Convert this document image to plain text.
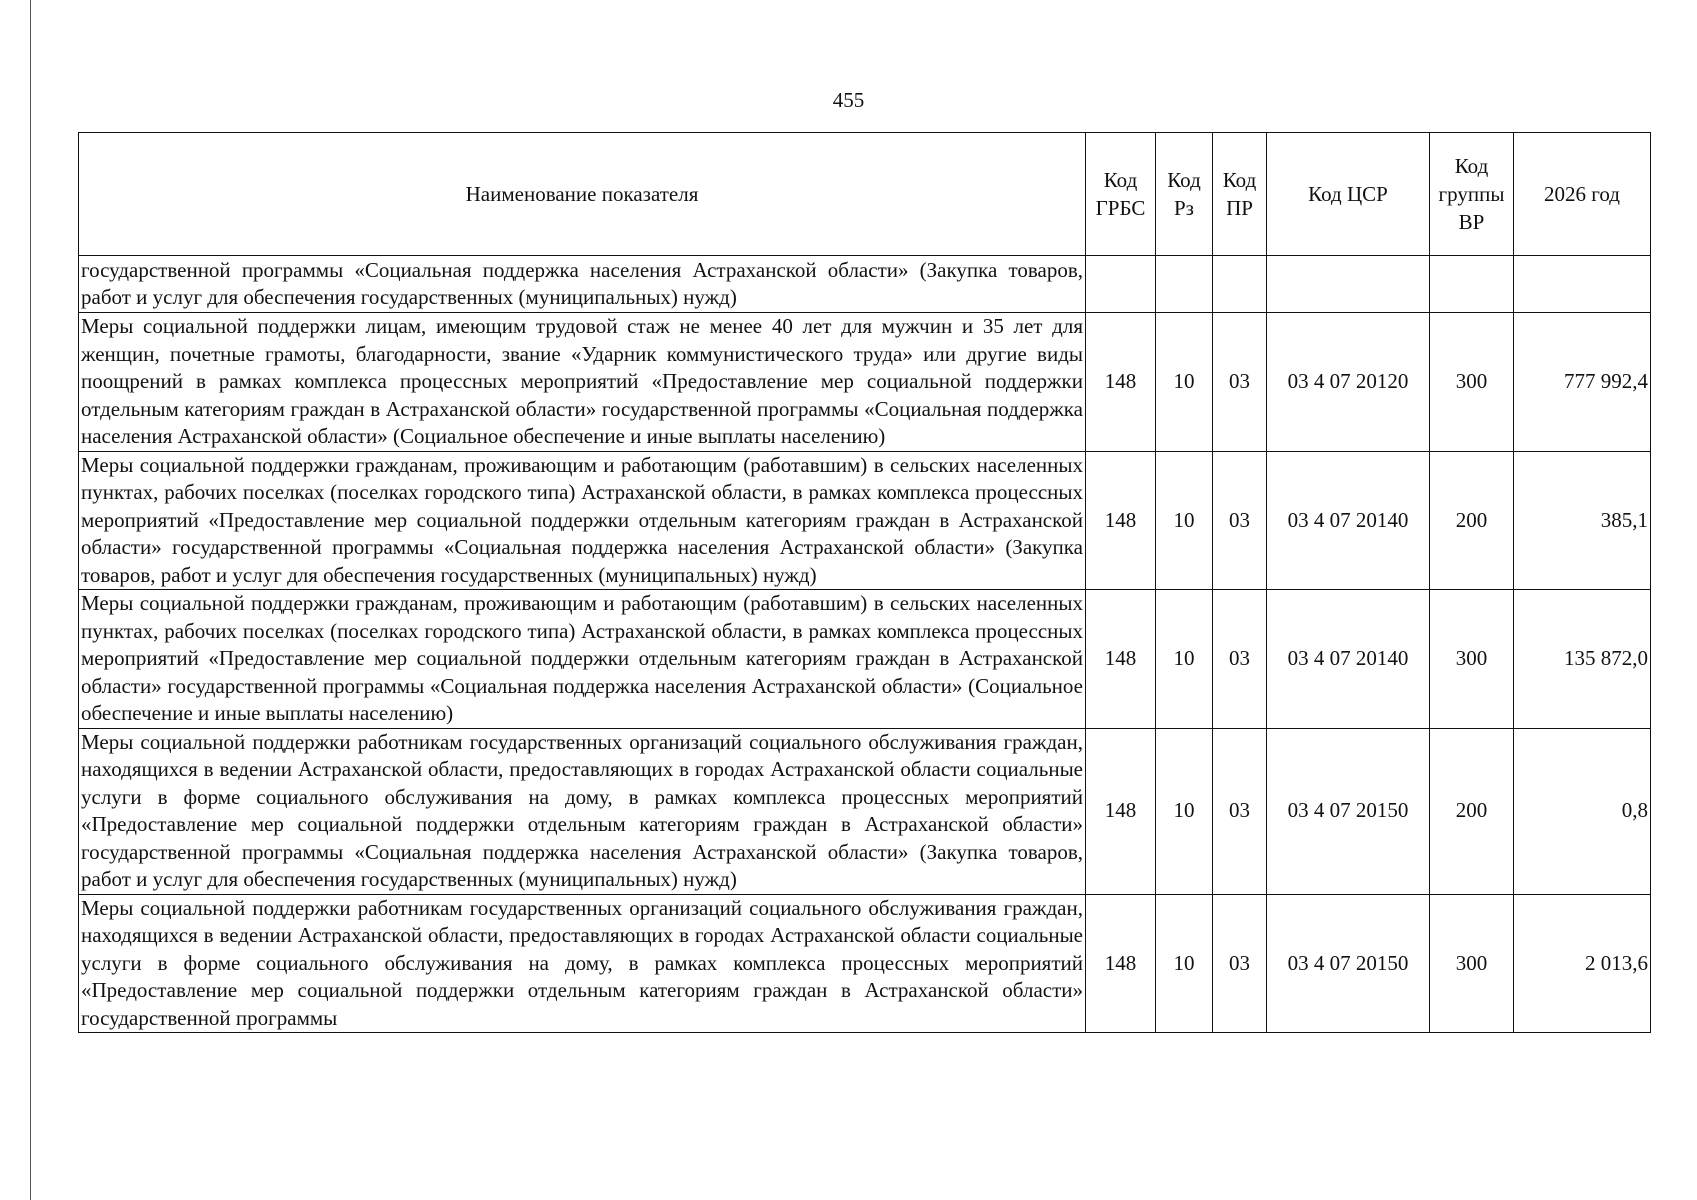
455
Наименование показателя	Код ГРБС	Код Рз	Код ПР	Код ЦСР	Код группы ВР	2026 год
государственной программы «Социальная поддержка населения Астраханской области» (Закупка товаров, работ и услуг для обеспечения государственных (муниципальных) нужд)						
Меры социальной поддержки лицам, имеющим трудовой стаж не менее 40 лет для мужчин и 35 лет для женщин, почетные грамоты, благодарности, звание «Ударник коммунистического труда» или другие виды поощрений в рамках комплекса процессных мероприятий «Предоставление мер социальной поддержки отдельным категориям граждан в Астраханской области» государственной программы «Социальная поддержка населения Астраханской области» (Социальное обеспечение и иные выплаты населению)	148	10	03	03 4 07 20120	300	777 992,4
Меры социальной поддержки гражданам, проживающим и работающим (работавшим) в сельских населенных пунктах, рабочих поселках (поселках городского типа) Астраханской области, в рамках комплекса процессных мероприятий «Предоставление мер социальной поддержки отдельным категориям граждан в Астраханской области» государственной программы «Социальная поддержка населения Астраханской области» (Закупка товаров, работ и услуг для обеспечения государственных (муниципальных) нужд)	148	10	03	03 4 07 20140	200	385,1
Меры социальной поддержки гражданам, проживающим и работающим (работавшим) в сельских населенных пунктах, рабочих поселках (поселках городского типа) Астраханской области, в рамках комплекса процессных мероприятий «Предоставление мер социальной поддержки отдельным категориям граждан в Астраханской области» государственной программы «Социальная поддержка населения Астраханской области» (Социальное обеспечение и иные выплаты населению)	148	10	03	03 4 07 20140	300	135 872,0
Меры социальной поддержки работникам государственных организаций социального обслуживания граждан, находящихся в ведении Астраханской области, предоставляющих в городах Астраханской области социальные услуги в форме социального обслуживания на дому, в рамках комплекса процессных мероприятий «Предоставление мер социальной поддержки отдельным категориям граждан в Астраханской области» государственной программы «Социальная поддержка населения Астраханской области» (Закупка товаров, работ и услуг для обеспечения государственных (муниципальных) нужд)	148	10	03	03 4 07 20150	200	0,8
Меры социальной поддержки работникам государственных организаций социального обслуживания граждан, находящихся в ведении Астраханской области, предоставляющих в городах Астраханской области социальные услуги в форме социального обслуживания на дому, в рамках комплекса процессных мероприятий «Предоставление мер социальной поддержки отдельным категориям граждан в Астраханской области» государственной программы	148	10	03	03 4 07 20150	300	2 013,6
